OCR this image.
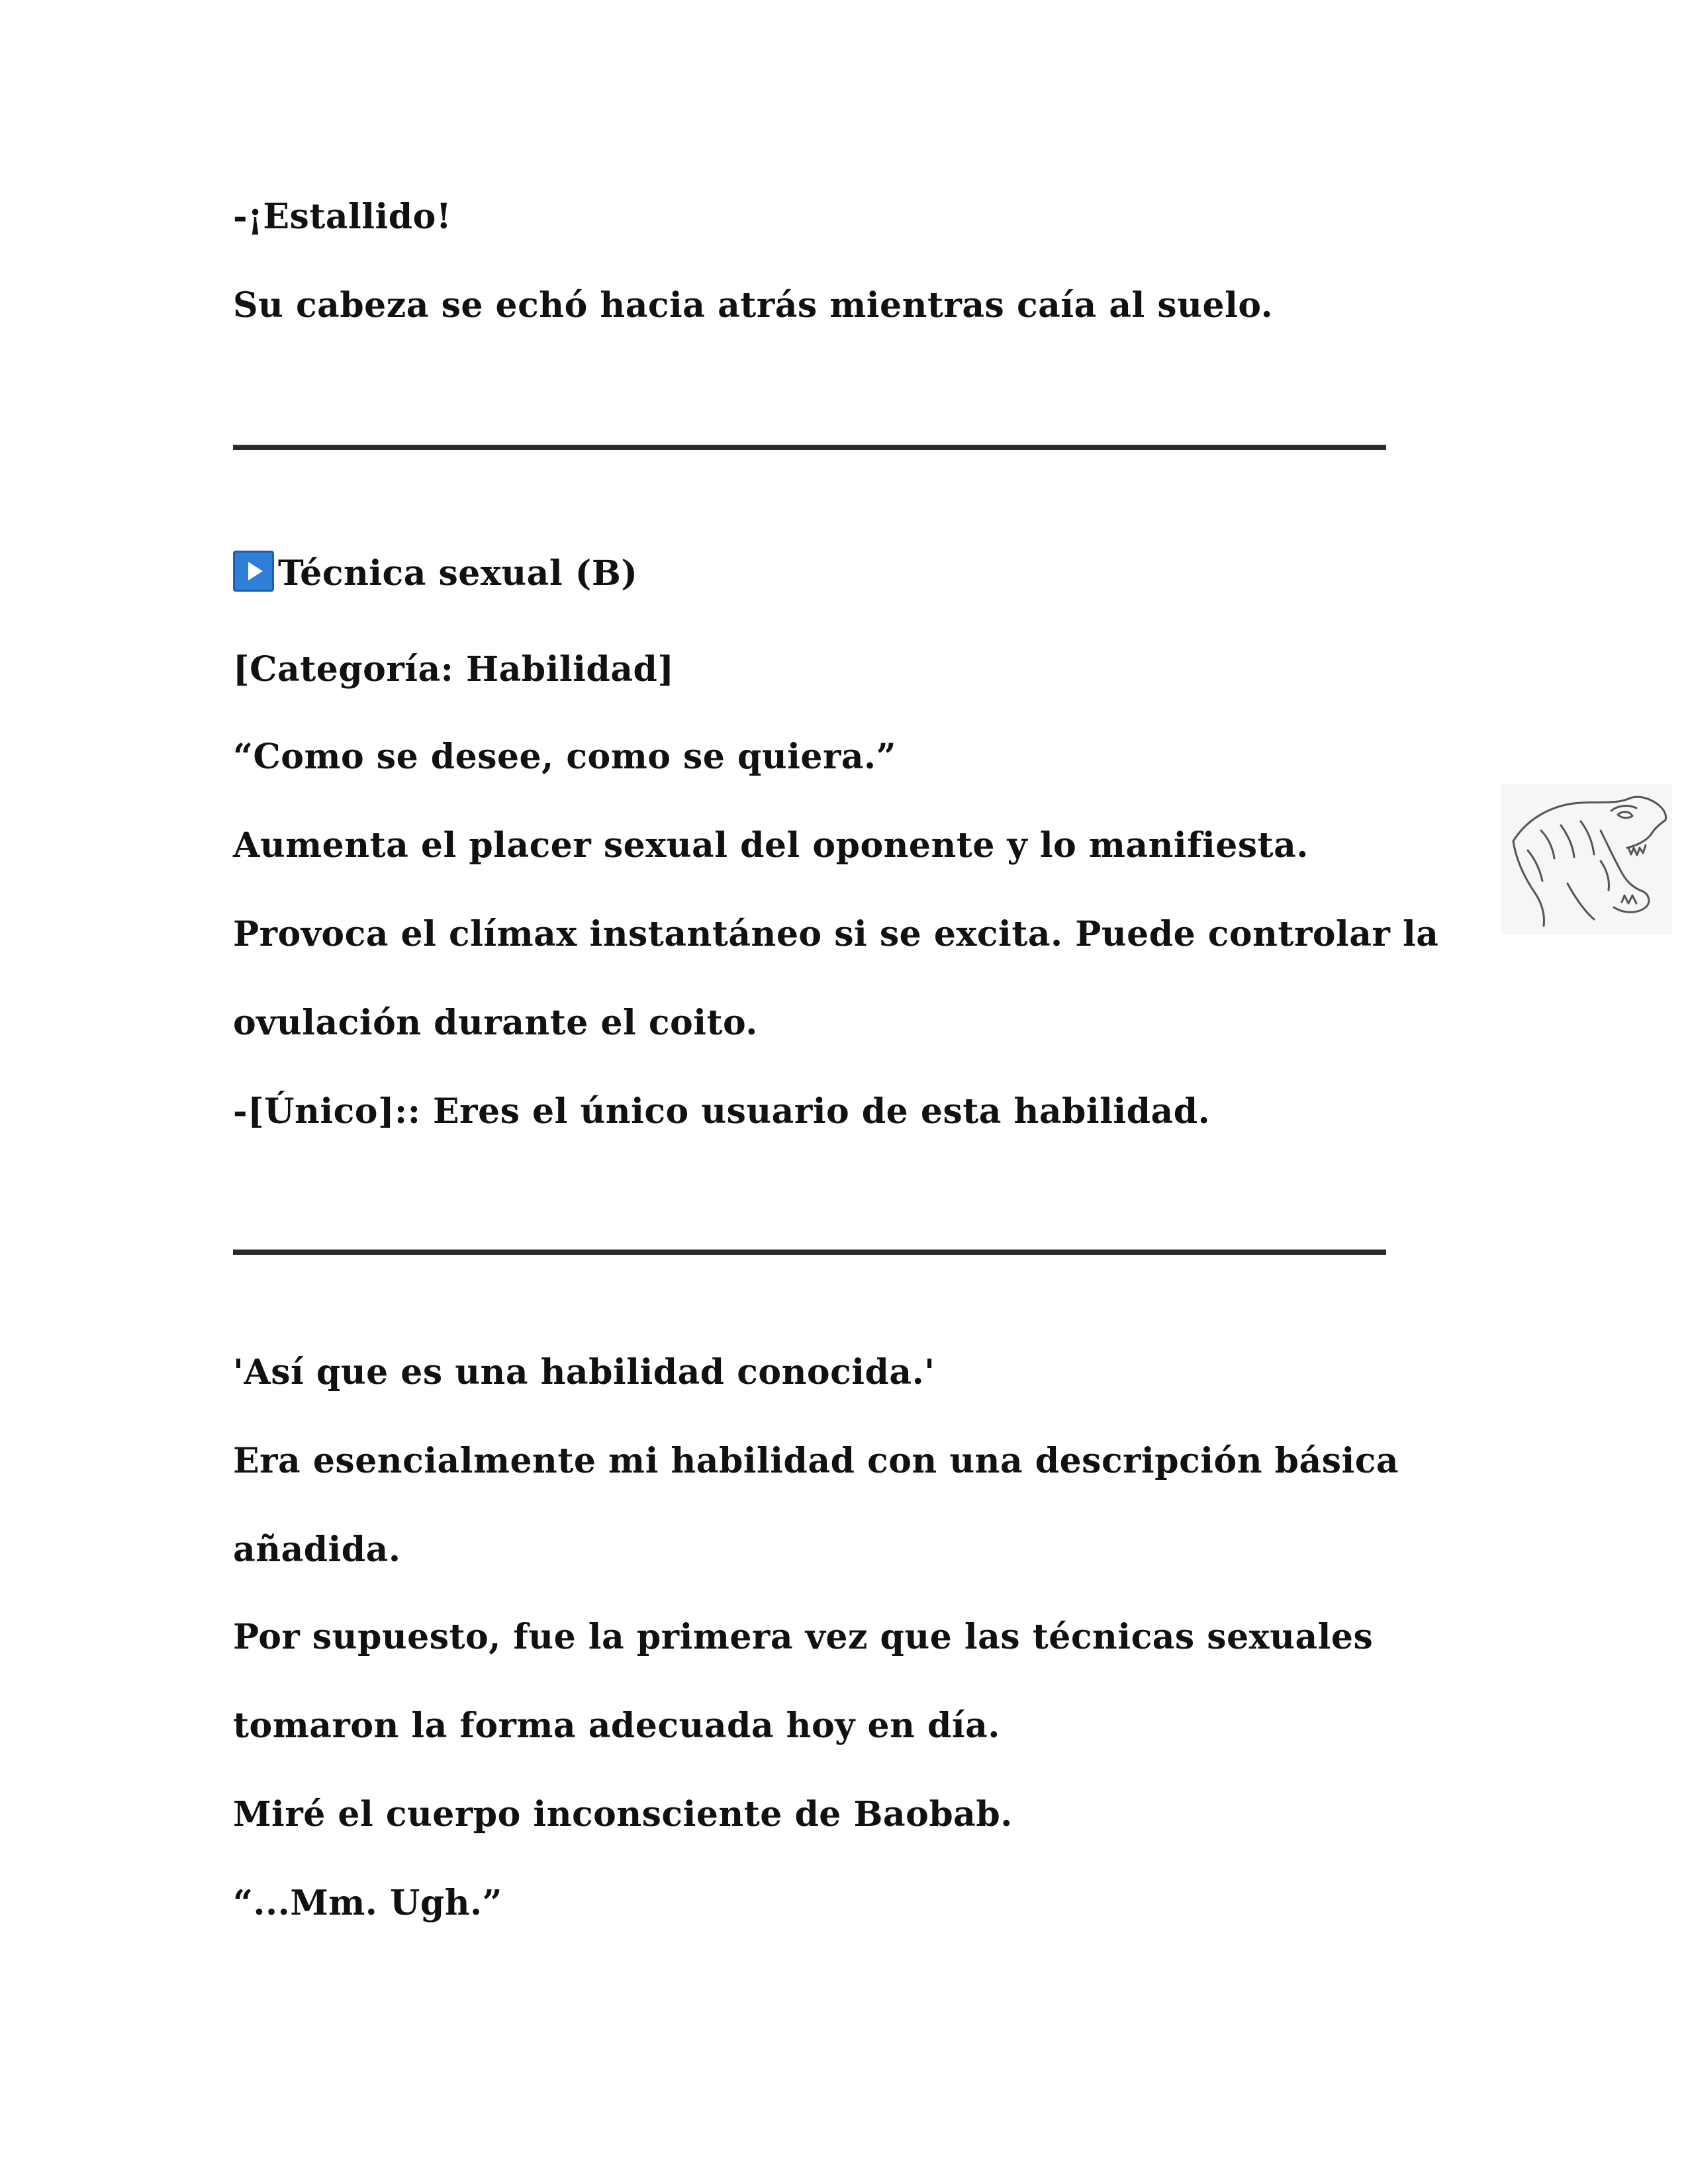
-¡Estallido!

Su cabeza se echó hacia atrás mientras caía al suelo.

Técnica sexual (B)

[Categoría: Habilidad]

“Como se desee, como se quiera.”

Aumenta el placer sexual del oponente y lo manifiesta.

Provoca el clímax instantáneo si se excita. Puede controlar la

ovulación durante el coito.

-[Único]:: Eres el único usuario de esta habilidad.

'Así que es una habilidad conocida.'

Era esencialmente mi habilidad con una descripción básica

añadida.

Por supuesto, fue la primera vez que las técnicas sexuales

tomaron la forma adecuada hoy en día.

Miré el cuerpo inconsciente de Baobab.

“...Mm. Ugh.”
